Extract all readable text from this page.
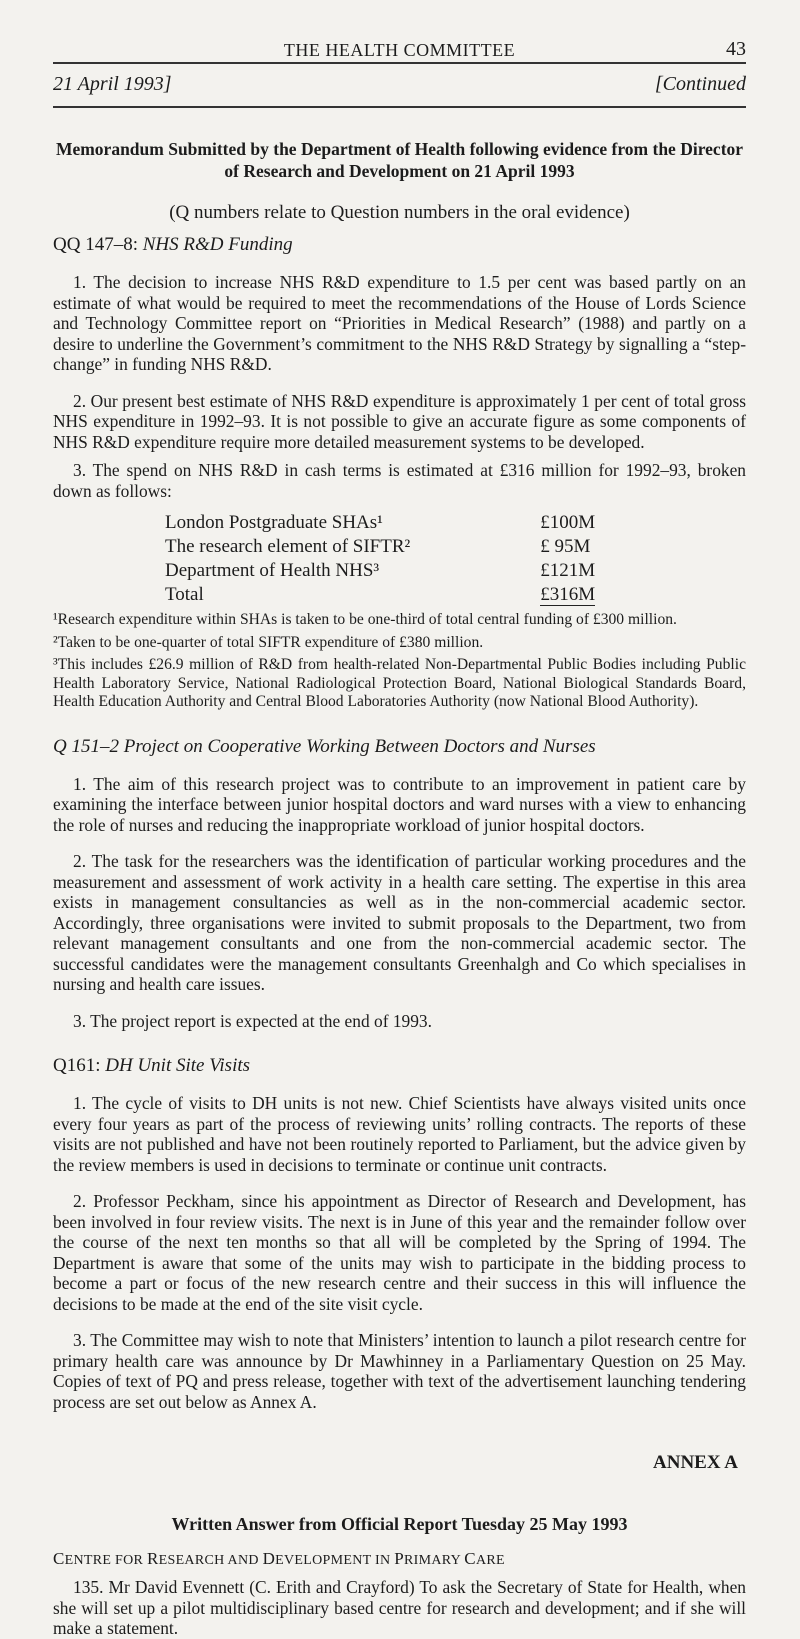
THE HEALTH COMMITTEE	43
21 April 1993]	[Continued
Memorandum Submitted by the Department of Health following evidence from the Director of Research and Development on 21 April 1993
(Q numbers relate to Question numbers in the oral evidence)
QQ 147–8: NHS R&D Funding

1. The decision to increase NHS R&D expenditure to 1.5 per cent was based partly on an estimate of what would be required to meet the recommendations of the House of Lords Science and Technology Committee report on “Priorities in Medical Research” (1988) and partly on a desire to underline the Government’s commitment to the NHS R&D Strategy by signalling a “step-change” in funding NHS R&D.

2. Our present best estimate of NHS R&D expenditure is approximately 1 per cent of total gross NHS expenditure in 1992–93. It is not possible to give an accurate figure as some components of NHS R&D expenditure require more detailed measurement systems to be developed.

3. The spend on NHS R&D in cash terms is estimated at £316 million for 1992–93, broken down as follows:

London Postgraduate SHAs¹	£100M
The research element of SIFTR²	£ 95M
Department of Health NHS³	£121M
Total	£316M

¹Research expenditure within SHAs is taken to be one-third of total central funding of £300 million.

²Taken to be one-quarter of total SIFTR expenditure of £380 million.

³This includes £26.9 million of R&D from health-related Non-Departmental Public Bodies including Public Health Laboratory Service, National Radiological Protection Board, National Biological Standards Board, Health Education Authority and Central Blood Laboratories Authority (now National Blood Authority).

Q 151–2 Project on Cooperative Working Between Doctors and Nurses

1. The aim of this research project was to contribute to an improvement in patient care by examining the interface between junior hospital doctors and ward nurses with a view to enhancing the role of nurses and reducing the inappropriate workload of junior hospital doctors.

2. The task for the researchers was the identification of particular working procedures and the measurement and assessment of work activity in a health care setting. The expertise in this area exists in management consultancies as well as in the non-commercial academic sector. Accordingly, three organisations were invited to submit proposals to the Department, two from relevant management consultants and one from the non-commercial academic sector. The successful candidates were the management consultants Greenhalgh and Co which specialises in nursing and health care issues.

3. The project report is expected at the end of 1993.

Q161: DH Unit Site Visits

1. The cycle of visits to DH units is not new. Chief Scientists have always visited units once every four years as part of the process of reviewing units’ rolling contracts. The reports of these visits are not published and have not been routinely reported to Parliament, but the advice given by the review members is used in decisions to terminate or continue unit contracts.

2. Professor Peckham, since his appointment as Director of Research and Development, has been involved in four review visits. The next is in June of this year and the remainder follow over the course of the next ten months so that all will be completed by the Spring of 1994. The Department is aware that some of the units may wish to participate in the bidding process to become a part or focus of the new research centre and their success in this will influence the decisions to be made at the end of the site visit cycle.

3. The Committee may wish to note that Ministers’ intention to launch a pilot research centre for primary health care was announce by Dr Mawhinney in a Parliamentary Question on 25 May. Copies of text of PQ and press release, together with text of the advertisement launching tendering process are set out below as Annex A.

ANNEX A
Written Answer from Official Report Tuesday 25 May 1993
CENTRE FOR RESEARCH AND DEVELOPMENT IN PRIMARY CARE

135. Mr David Evennett (C. Erith and Crayford) To ask the Secretary of State for Health, when she will set up a pilot multidisciplinary based centre for research and development; and if she will make a statement.
